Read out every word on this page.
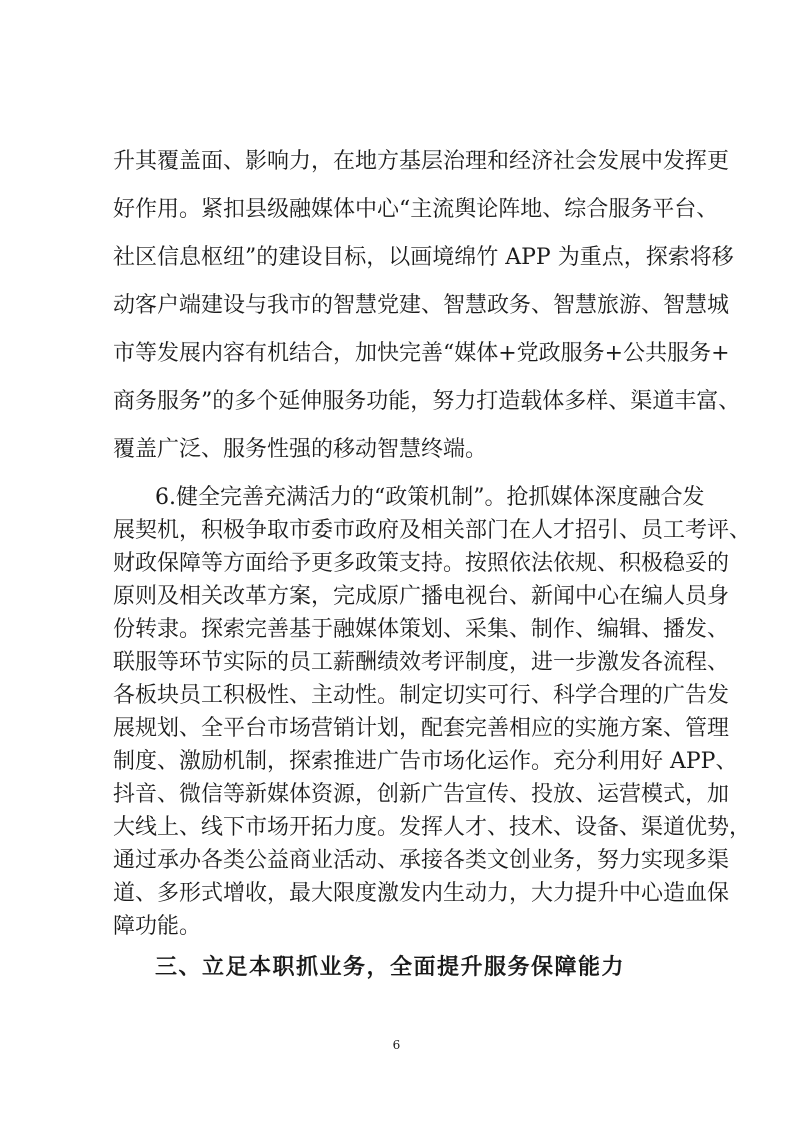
升其覆盖面、影响力，在地方基层治理和经济社会发展中发挥更
好作用。紧扣县级融媒体中心“主流舆论阵地、综合服务平台、
社区信息枢纽”的建设目标，以画境绵竹 APP 为重点，探索将移
动客户端建设与我市的智慧党建、智慧政务、智慧旅游、智慧城
市等发展内容有机结合，加快完善“媒体+党政服务+公共服务+
商务服务”的多个延伸服务功能，努力打造载体多样、渠道丰富、
覆盖广泛、服务性强的移动智慧终端。
6.健全完善充满活力的“政策机制”。抢抓媒体深度融合发
展契机，积极争取市委市政府及相关部门在人才招引、员工考评、
财政保障等方面给予更多政策支持。按照依法依规、积极稳妥的
原则及相关改革方案，完成原广播电视台、新闻中心在编人员身
份转隶。探索完善基于融媒体策划、采集、制作、编辑、播发、
联服等环节实际的员工薪酬绩效考评制度，进一步激发各流程、
各板块员工积极性、主动性。制定切实可行、科学合理的广告发
展规划、全平台市场营销计划，配套完善相应的实施方案、管理
制度、激励机制，探索推进广告市场化运作。充分利用好 APP、
抖音、微信等新媒体资源，创新广告宣传、投放、运营模式，加
大线上、线下市场开拓力度。发挥人才、技术、设备、渠道优势，
通过承办各类公益商业活动、承接各类文创业务，努力实现多渠
道、多形式增收，最大限度激发内生动力，大力提升中心造血保
障功能。
三、立足本职抓业务，全面提升服务保障能力
6
